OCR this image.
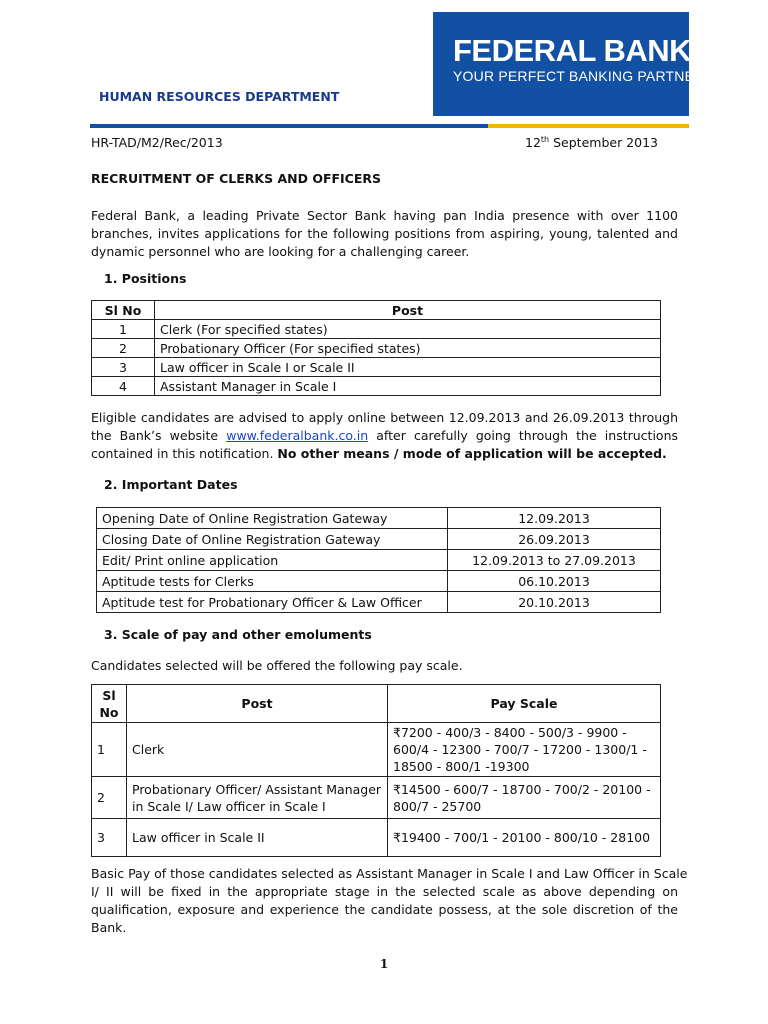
FEDERAL BANK
YOUR PERFECT BANKING PARTNER
HUMAN RESOURCES DEPARTMENT
HR-TAD/M2/Rec/2013	12th September 2013
RECRUITMENT OF CLERKS AND OFFICERS
Federal Bank, a leading Private Sector Bank having pan India presence with over 1100
branches, invites applications for the following positions from aspiring, young, talented and
dynamic personnel who are looking for a challenging career.
1. Positions
Sl No	Post
1	Clerk (For specified states)
2	Probationary Officer (For specified states)
3	Law officer in Scale I or Scale II
4	Assistant Manager in Scale I
Eligible candidates are advised to apply online between 12.09.2013 and 26.09.2013 through
the Bank’s website www.federalbank.co.in after carefully going through the instructions
contained in this notification. No other means / mode of application will be accepted.
2. Important Dates
Opening Date of Online Registration Gateway	12.09.2013
Closing Date of Online Registration Gateway	26.09.2013
Edit/ Print online application	12.09.2013 to 27.09.2013
Aptitude tests for Clerks	06.10.2013
Aptitude test for Probationary Officer & Law Officer	20.10.2013
3. Scale of pay and other emoluments
Candidates selected will be offered the following pay scale.
Sl
No	Post	Pay Scale
1	Clerk	₹7200 - 400/3 - 8400 - 500/3 - 9900 -
600/4 - 12300 - 700/7 - 17200 - 1300/1 -
18500 - 800/1 -19300
2	Probationary Officer/ Assistant Manager
in Scale I/ Law officer in Scale I	₹14500 - 600/7 - 18700 - 700/2 - 20100 -
800/7 - 25700
3	Law officer in Scale II	₹19400 - 700/1 - 20100 - 800/10 - 28100
Basic Pay of those candidates selected as Assistant Manager in Scale I and Law Officer in Scale
I/ II will be fixed in the appropriate stage in the selected scale as above depending on
qualification, exposure and experience the candidate possess, at the sole discretion of the
Bank.
1
